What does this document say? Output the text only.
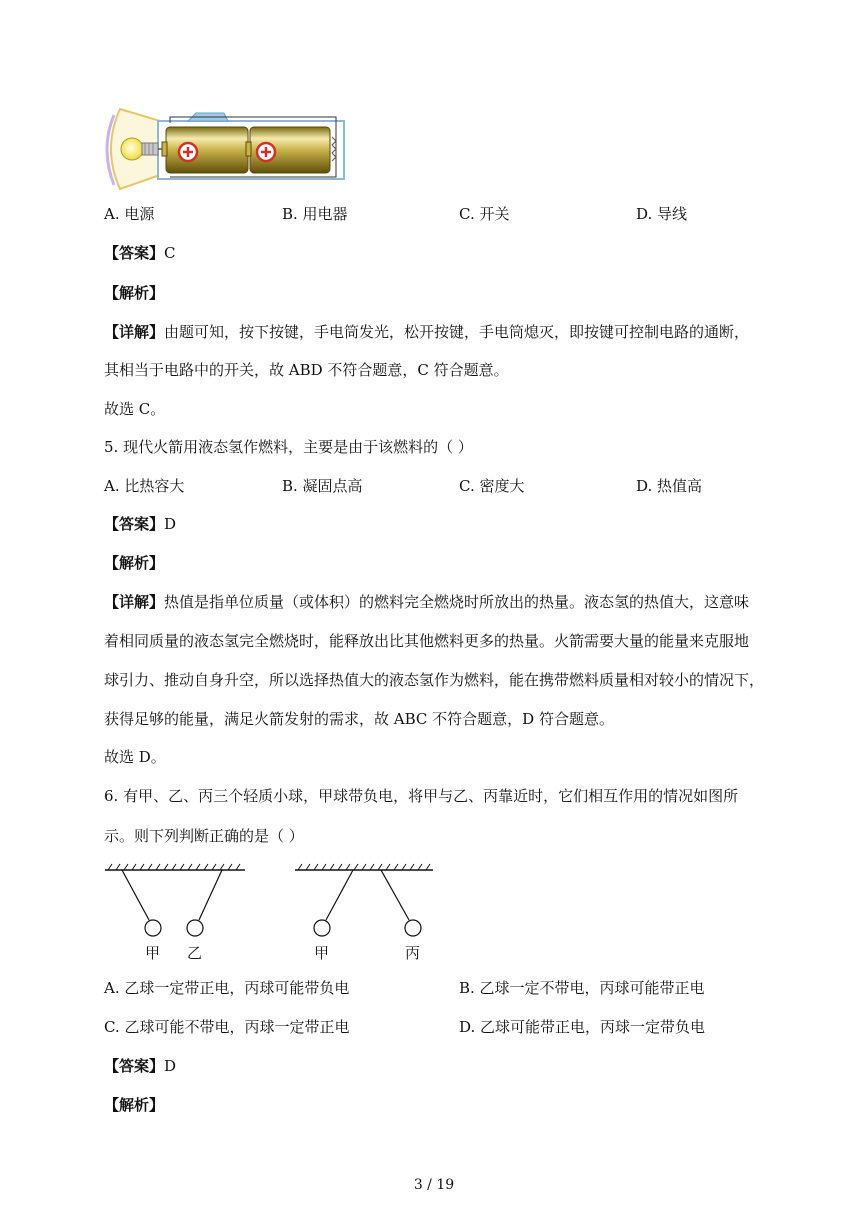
A. 电源	B. 用电器	C. 开关	D. 导线
【答案】C
【解析】
【详解】由题可知，按下按键，手电筒发光，松开按键，手电筒熄灭，即按键可控制电路的通断，
其相当于电路中的开关，故 ABD 不符合题意，C 符合题意。
故选 C。
5. 现代火箭用液态氢作燃料，主要是由于该燃料的（ ）
A. 比热容大	B. 凝固点高	C. 密度大	D. 热值高
【答案】D
【解析】
【详解】热值是指单位质量（或体积）的燃料完全燃烧时所放出的热量。液态氢的热值大，这意味
着相同质量的液态氢完全燃烧时，能释放出比其他燃料更多的热量。火箭需要大量的能量来克服地
球引力、推动自身升空，所以选择热值大的液态氢作为燃料，能在携带燃料质量相对较小的情况下，
获得足够的能量，满足火箭发射的需求，故 ABC 不符合题意，D 符合题意。
故选 D。
6. 有甲、乙、丙三个轻质小球，甲球带负电，将甲与乙、丙靠近时，它们相互作用的情况如图所
示。则下列判断正确的是（ ）
甲 乙	甲	丙
A. 乙球一定带正电，丙球可能带负电	B. 乙球一定不带电，丙球可能带正电
C. 乙球可能不带电，丙球一定带正电	D. 乙球可能带正电，丙球一定带负电
【答案】D
【解析】
3 / 19
